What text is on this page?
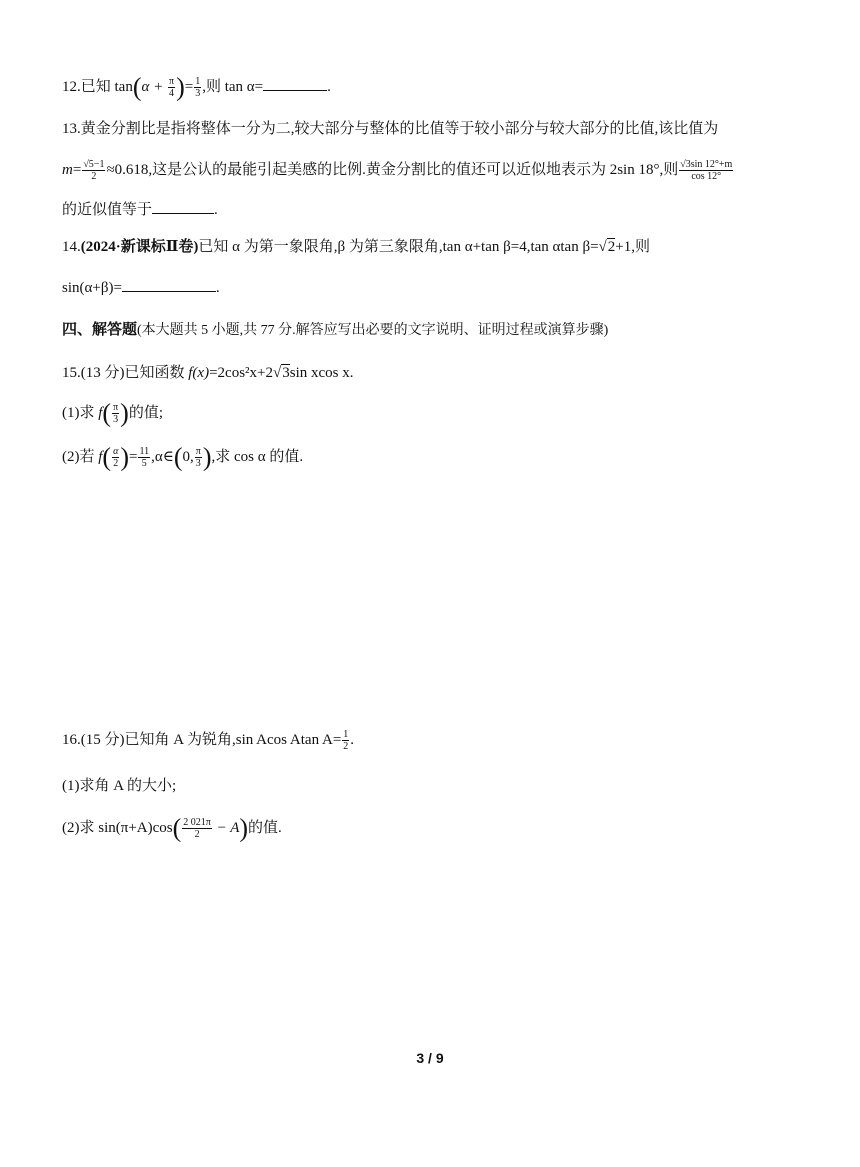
12.已知 $\tan(\alpha + \frac{\pi}{4}$ )= $\frac{1}{3}$ ,则 tan α=	.
13.黄金分割比是指将整体一分为二,较大部分与整体的比值等于较小部分与较大部分的比值,该比值为
$m= \frac{√5-1}{2} \approx 0.618$,这是公认的最能引起美感的比例.黄金分割比的值还可以近似地表示为 2sin 18°,则 $\frac{√3\sin 12^\circ+m}{\cos 12^\circ}$
的近似值等于	.
14.(2024·新课标Ⅱ卷)已知 α 为第一象限角,β 为第三象限角,tan α+tan β=4,tan αtan β=√2+1,则
sin(α+β)=	.
四、解答题(本大题共 5 小题,共 77 分.解答应写出必要的文字说明、证明过程或演算步骤)
15.(13 分)已知函数 f(x)=2cos²x+2√3sin xcos x.
(1)求 $f( \frac{\pi}{3}$ )的值;
(2)若 $f( \frac{\alpha}{2}$ )= $\frac{11}{5}$ ,α∈(0, $\frac{\pi}{3}$ ),求 cos α 的值.
16.(15 分)已知角 A 为锐角,sin Acos Atan $A= \frac{1}{2}$ .
(1)求角 A 的大小;
(2)求 $\sin(\pi+A)\cos( \frac{2 021\pi}{2} - A)$的值.
3 / 9
